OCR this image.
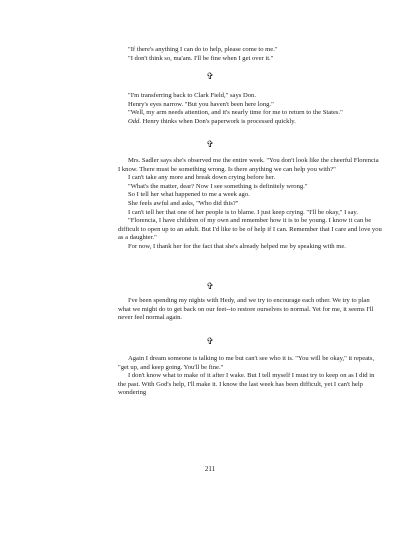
"If there's anything I can do to help, please come to me."

"I don't think so, ma'am. I'll be fine when I get over it."

✞

"I'm transferring back to Clark Field," says Don.

Henry's eyes narrow. "But you haven't been here long."

"Well, my arm needs attention, and it's nearly time for me to return to the States."

Odd. Henry thinks when Don's paperwork is processed quickly.

✞

Mrs. Sadler says she's observed me the entire week. "You don't look like the cheerful Florencia I know. There must be something wrong. Is there anything we can help you with?"

I can't take any more and break down crying before her.

"What's the matter, dear? Now I see something is definitely wrong."

So I tell her what happened to me a week ago.

She feels awful and asks, "Who did this?"

I can't tell her that one of her people is to blame. I just keep crying. "I'll be okay," I say.

"Florencia, I have children of my own and remember how it is to be young. I know it can be difficult to open up to an adult. But I'd like to be of help if I can. Remember that I care and love you as a daughter."

For now, I thank her for the fact that she's already helped me by speaking with me.

✞

I've been spending my nights with Hedy, and we try to encourage each other. We try to plan what we might do to get back on our feet--to restore ourselves to normal. Yet for me, it seems I'll never feel normal again.

✞

Again I dream someone is talking to me but can't see who it is. "You will be okay," it repeats, "get up, and keep going. You'll be fine."

I don't know what to make of it after I wake. But I tell myself I must try to keep on as I did in the past. With God's help, I'll make it. I know the last week has been difficult, yet I can't help wondering

211
